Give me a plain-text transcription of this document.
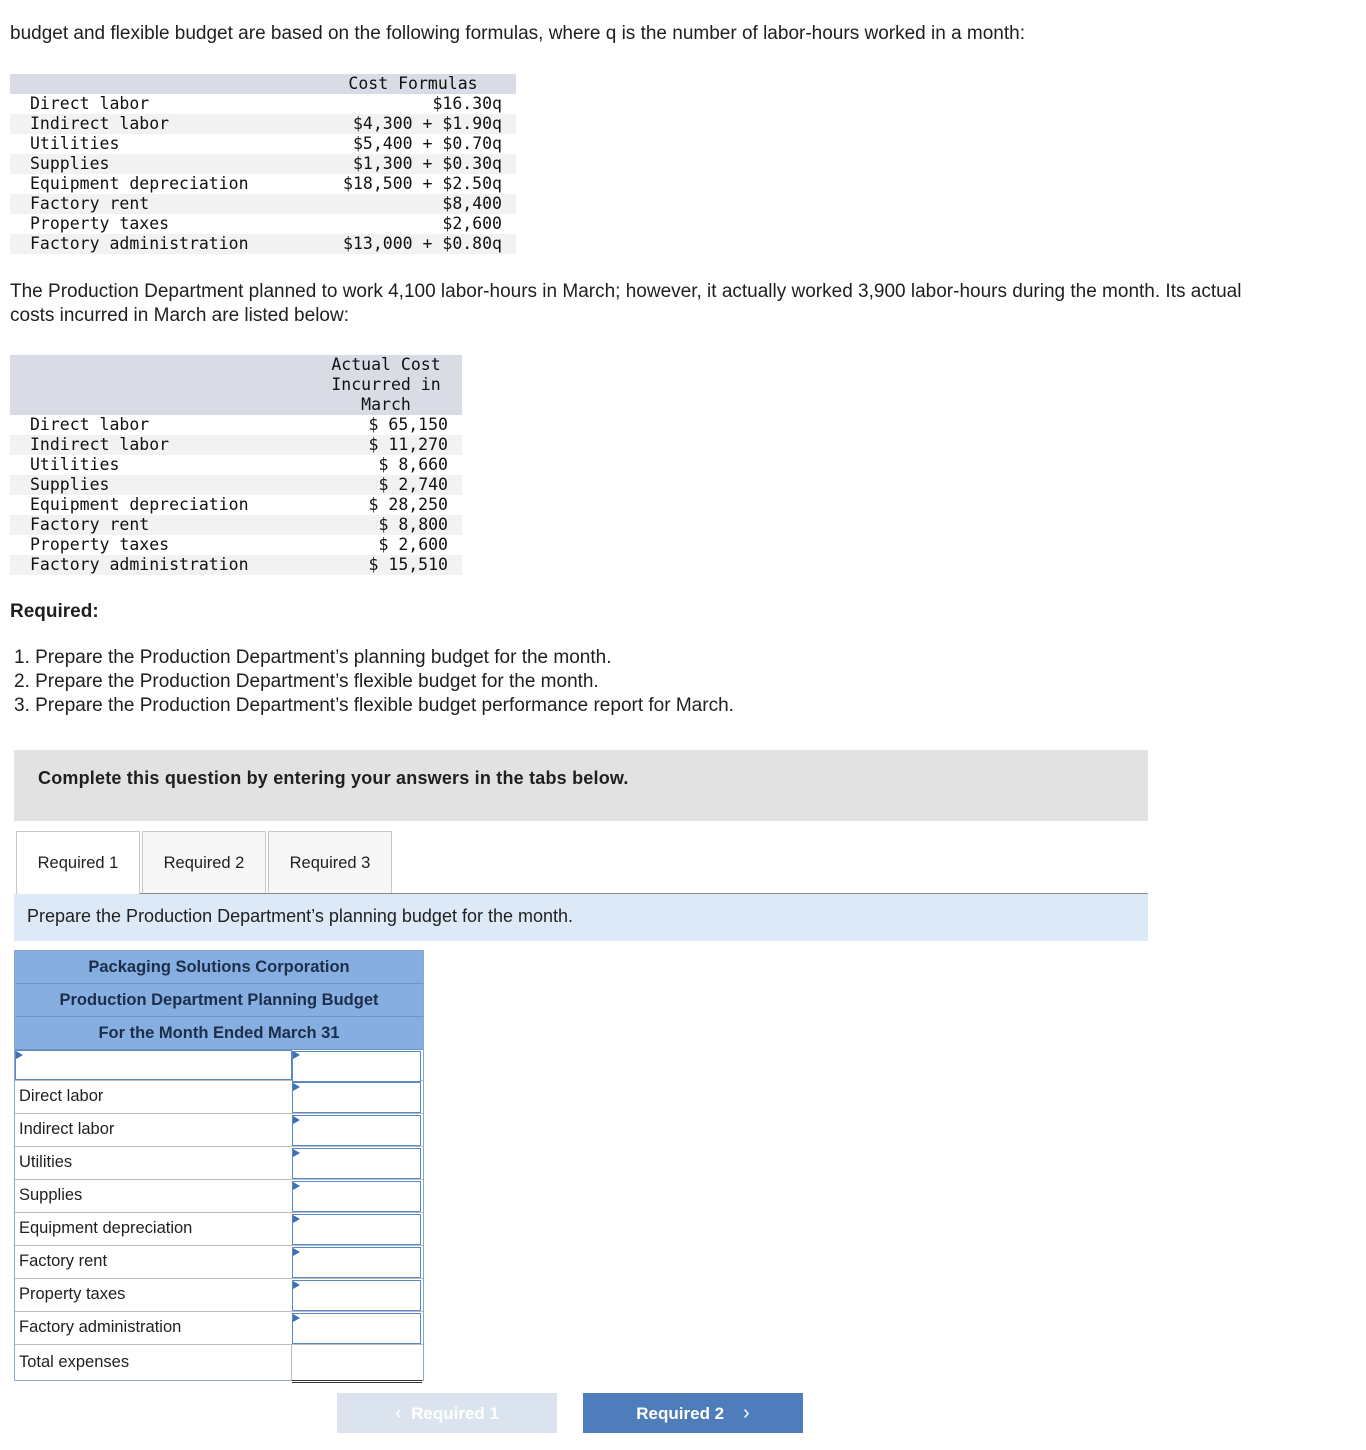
budget and flexible budget are based on the following formulas, where q is the number of labor-hours worked in a month:
	Cost Formulas
Direct labor	$16.30q
Indirect labor	$4,300 + $1.90q
Utilities	$5,400 + $0.70q
Supplies	$1,300 + $0.30q
Equipment depreciation	$18,500 + $2.50q
Factory rent	$8,400
Property taxes	$2,600
Factory administration	$13,000 + $0.80q
The Production Department planned to work 4,100 labor-hours in March; however, it actually worked 3,900 labor-hours during the month. Its actual costs incurred in March are listed below:
	Actual Cost
Incurred in
March
Direct labor	$ 65,150
Indirect labor	$ 11,270
Utilities	$ 8,660
Supplies	$ 2,740
Equipment depreciation	$ 28,250
Factory rent	$ 8,800
Property taxes	$ 2,600
Factory administration	$ 15,510
Required:
1. Prepare the Production Department’s planning budget for the month.
2. Prepare the Production Department’s flexible budget for the month.
3. Prepare the Production Department’s flexible budget performance report for March.
Complete this question by entering your answers in the tabs below.
Required 1	Required 2	Required 3
Prepare the Production Department’s planning budget for the month.
Packaging Solutions Corporation
Production Department Planning Budget
For the Month Ended March 31
Direct labor
Indirect labor
Utilities
Supplies
Equipment depreciation
Factory rent
Property taxes
Factory administration
Total expenses
‹ Required 1	Required 2 ›
